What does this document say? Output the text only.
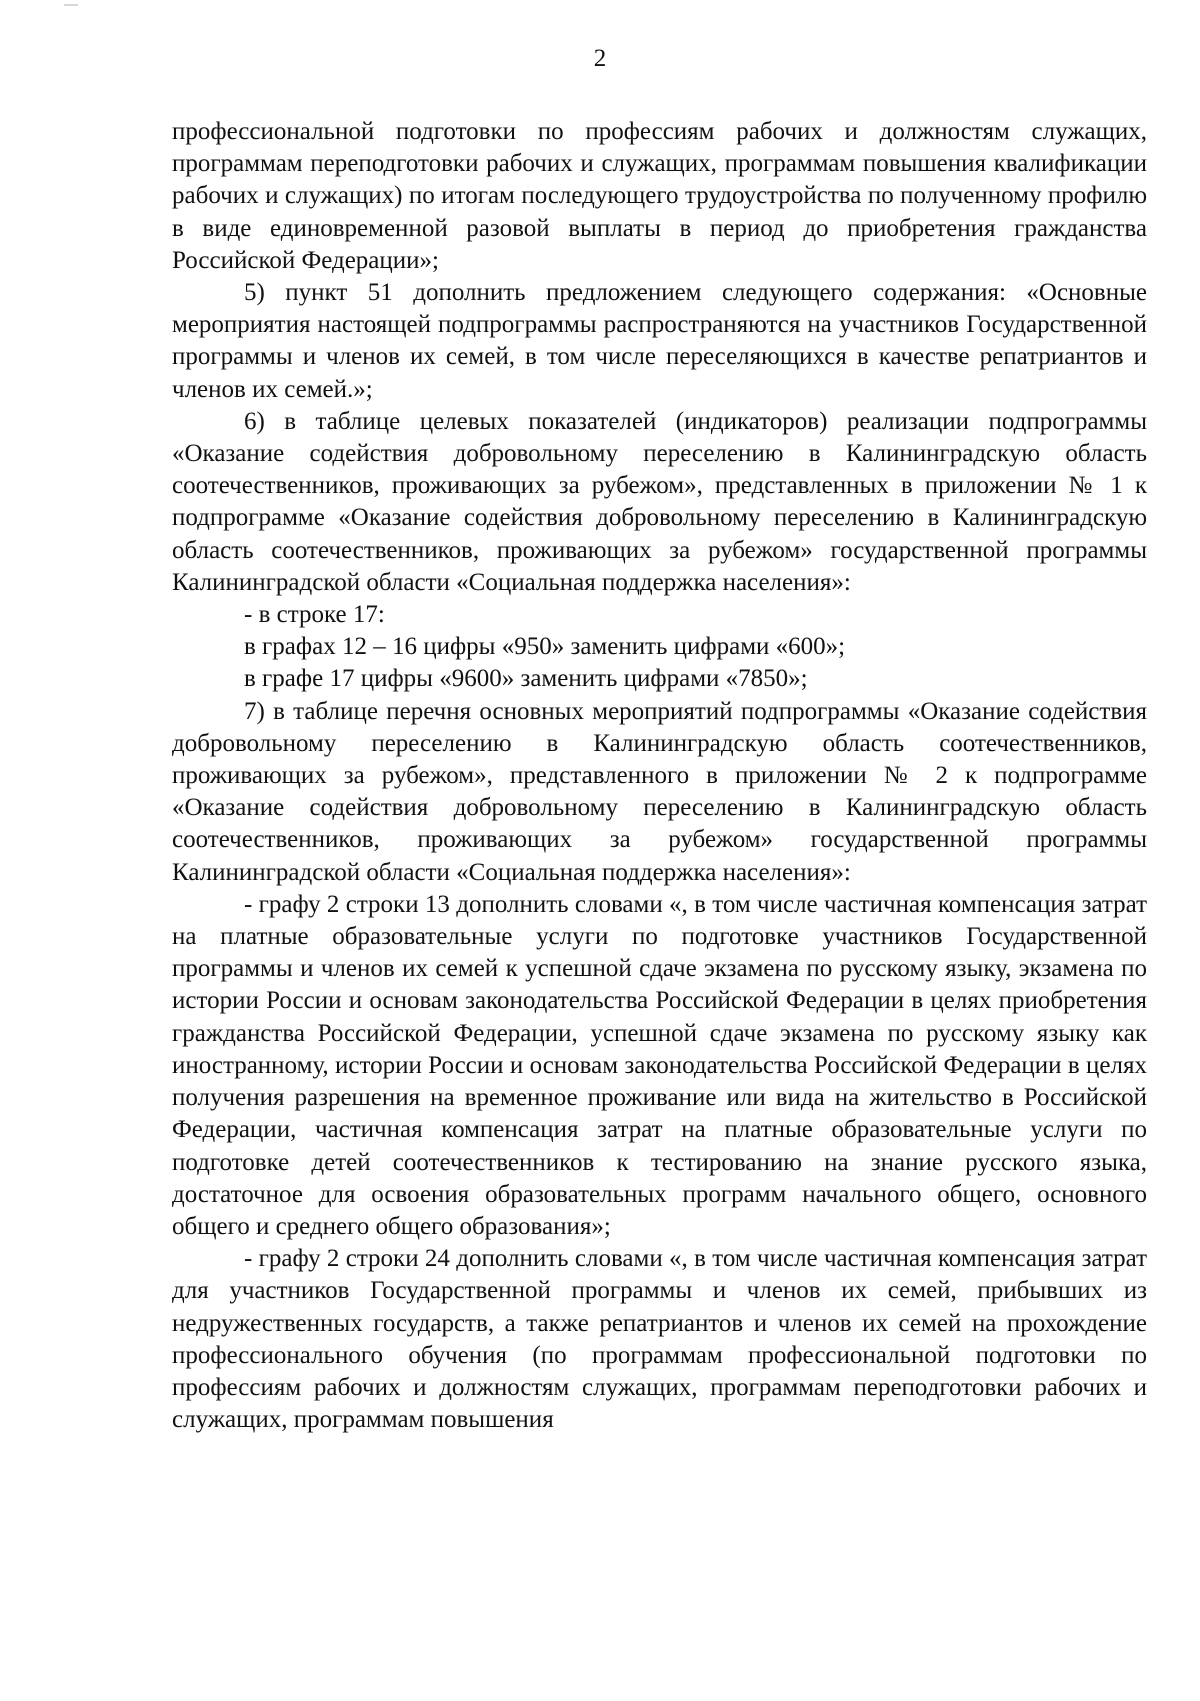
2

профессиональной подготовки по профессиям рабочих и должностям служащих, программам переподготовки рабочих и служащих, программам повышения квалификации рабочих и служащих) по итогам последующего трудоустройства по полученному профилю в виде единовременной разовой выплаты в период до приобретения гражданства Российской Федерации»;

5) пункт 51 дополнить предложением следующего содержания: «Основные мероприятия настоящей подпрограммы распространяются на участников Государственной программы и членов их семей, в том числе переселяющихся в качестве репатриантов и членов их семей.»;

6) в таблице целевых показателей (индикаторов) реализации подпрограммы «Оказание содействия добровольному переселению в Калининградскую область соотечественников, проживающих за рубежом», представленных в приложении № 1 к подпрограмме «Оказание содействия добровольному переселению в Калининградскую область соотечественников, проживающих за рубежом» государственной программы Калининградской области «Социальная поддержка населения»:

- в строке 17:

в графах 12 – 16 цифры «950» заменить цифрами «600»;

в графе 17 цифры «9600» заменить цифрами «7850»;

7) в таблице перечня основных мероприятий подпрограммы «Оказание содействия добровольному переселению в Калининградскую область соотечественников, проживающих за рубежом», представленного в приложении № 2 к подпрограмме «Оказание содействия добровольному переселению в Калининградскую область соотечественников, проживающих за рубежом» государственной программы Калининградской области «Социальная поддержка населения»:

- графу 2 строки 13 дополнить словами «, в том числе частичная компенсация затрат на платные образовательные услуги по подготовке участников Государственной программы и членов их семей к успешной сдаче экзамена по русскому языку, экзамена по истории России и основам законодательства Российской Федерации в целях приобретения гражданства Российской Федерации, успешной сдаче экзамена по русскому языку как иностранному, истории России и основам законодательства Российской Федерации в целях получения разрешения на временное проживание или вида на жительство в Российской Федерации, частичная компенсация затрат на платные образовательные услуги по подготовке детей соотечественников к тестированию на знание русского языка, достаточное для освоения образовательных программ начального общего, основного общего и среднего общего образования»;

- графу 2 строки 24 дополнить словами «, в том числе частичная компенсация затрат для участников Государственной программы и членов их семей, прибывших из недружественных государств, а также репатриантов и членов их семей на прохождение профессионального обучения (по программам профессиональной подготовки по профессиям рабочих и должностям служащих, программам переподготовки рабочих и служащих, программам повышения
